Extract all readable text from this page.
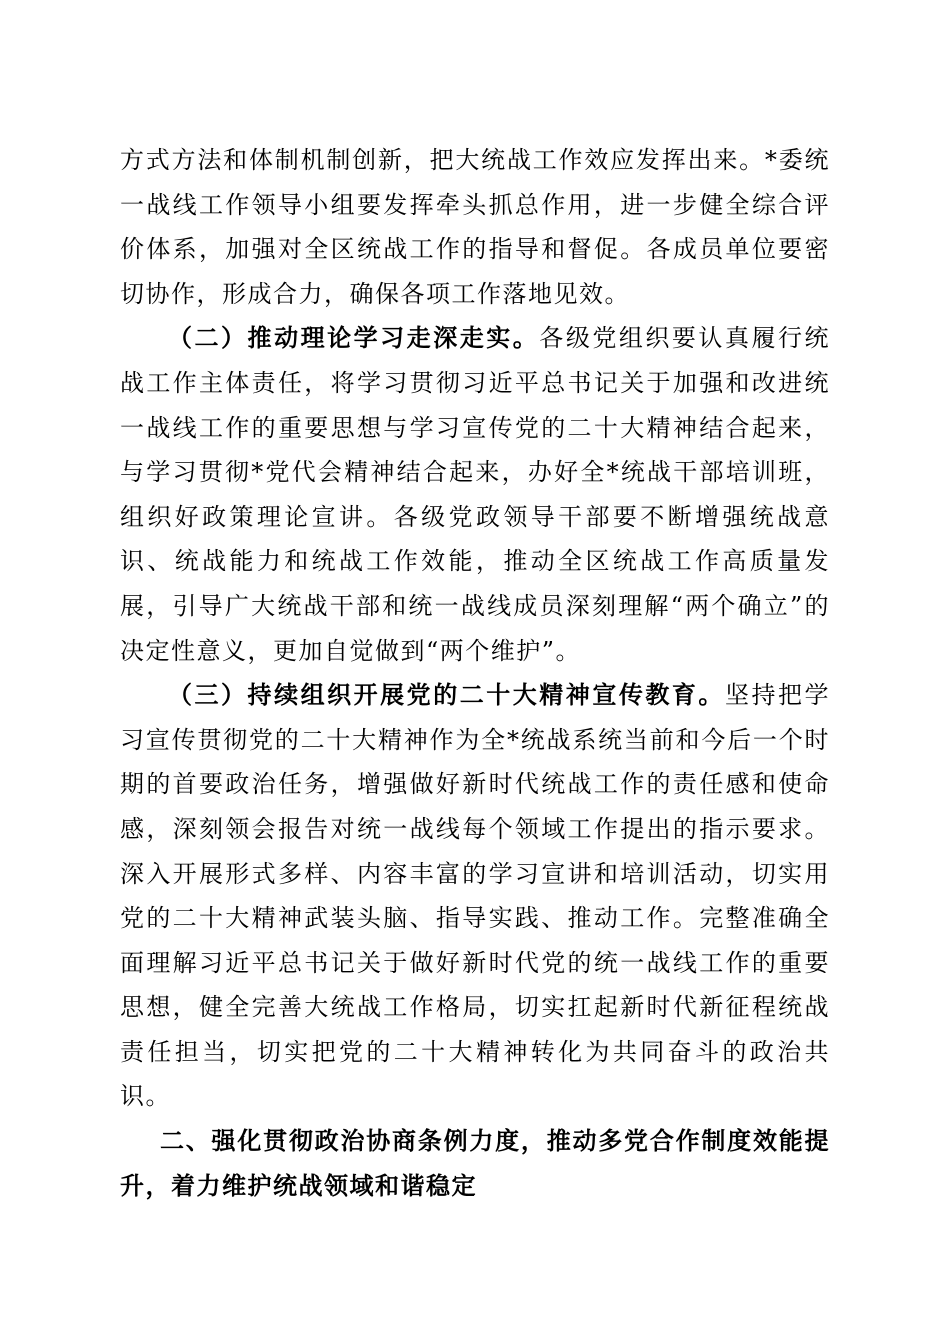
方式方法和体制机制创新，把大统战工作效应发挥出来。*委统一战线工作领导小组要发挥牵头抓总作用，进一步健全综合评价体系，加强对全区统战工作的指导和督促。各成员单位要密切协作，形成合力，确保各项工作落地见效。

（二）推动理论学习走深走实。各级党组织要认真履行统战工作主体责任，将学习贯彻习近平总书记关于加强和改进统一战线工作的重要思想与学习宣传党的二十大精神结合起来，与学习贯彻*党代会精神结合起来，办好全*统战干部培训班，组织好政策理论宣讲。各级党政领导干部要不断增强统战意识、统战能力和统战工作效能，推动全区统战工作高质量发展，引导广大统战干部和统一战线成员深刻理解“两个确立”的决定性意义，更加自觉做到“两个维护”。

（三）持续组织开展党的二十大精神宣传教育。坚持把学习宣传贯彻党的二十大精神作为全*统战系统当前和今后一个时期的首要政治任务，增强做好新时代统战工作的责任感和使命感，深刻领会报告对统一战线每个领域工作提出的指示要求。深入开展形式多样、内容丰富的学习宣讲和培训活动，切实用党的二十大精神武装头脑、指导实践、推动工作。完整准确全面理解习近平总书记关于做好新时代党的统一战线工作的重要思想，健全完善大统战工作格局，切实扛起新时代新征程统战责任担当，切实把党的二十大精神转化为共同奋斗的政治共识。

二、强化贯彻政治协商条例力度，推动多党合作制度效能提升，着力维护统战领域和谐稳定
